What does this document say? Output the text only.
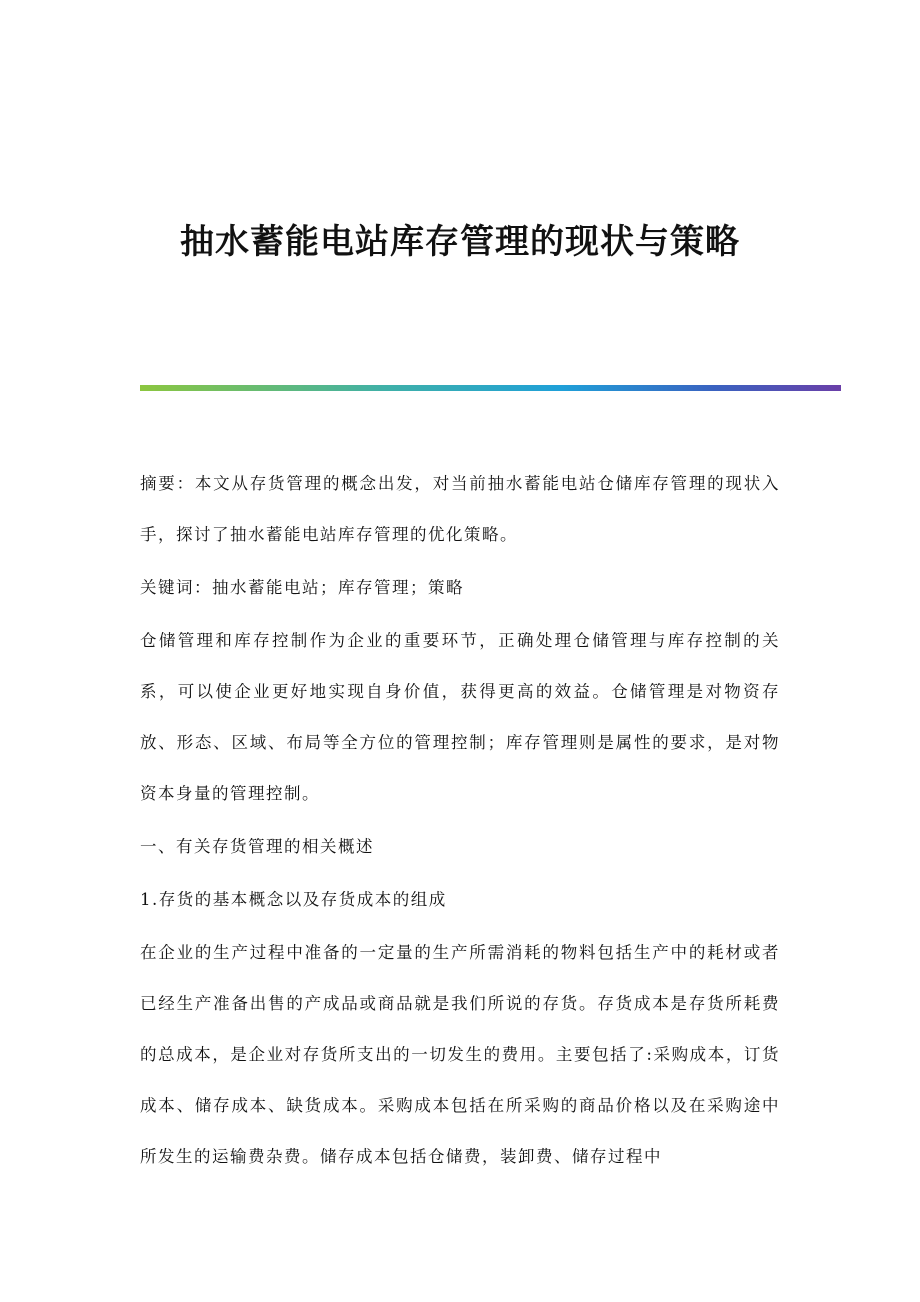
抽水蓄能电站库存管理的现状与策略

摘要：本文从存货管理的概念出发，对当前抽水蓄能电站仓储库存管理的现状入手，探讨了抽水蓄能电站库存管理的优化策略。

关键词：抽水蓄能电站；库存管理；策略

仓储管理和库存控制作为企业的重要环节，正确处理仓储管理与库存控制的关系，可以使企业更好地实现自身价值，获得更高的效益。仓储管理是对物资存放、形态、区域、布局等全方位的管理控制；库存管理则是属性的要求，是对物资本身量的管理控制。

一、有关存货管理的相关概述

1.存货的基本概念以及存货成本的组成

在企业的生产过程中准备的一定量的生产所需消耗的物料包括生产中的耗材或者已经生产准备出售的产成品或商品就是我们所说的存货。存货成本是存货所耗费的总成本，是企业对存货所支出的一切发生的费用。主要包括了:采购成本，订货成本、储存成本、缺货成本。采购成本包括在所采购的商品价格以及在采购途中所发生的运输费杂费。储存成本包括仓储费，装卸费、储存过程中
